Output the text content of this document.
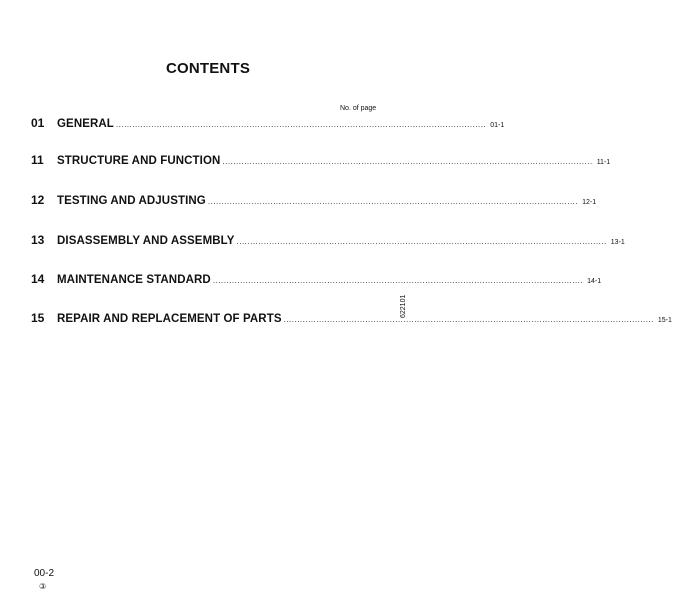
CONTENTS
No. of page
01	GENERAL ........................................................................................................................................ 01-1
11	STRUCTURE AND FUNCTION ........................................................................................................................................ 11-1
12	TESTING AND ADJUSTING ........................................................................................................................................ 12-1
13	DISASSEMBLY AND ASSEMBLY ........................................................................................................................................ 13-1
14	MAINTENANCE STANDARD ........................................................................................................................................ 14-1
15	REPAIR AND REPLACEMENT OF PARTS ........................................................................................................................................ 15-1
622101
00-2
③
